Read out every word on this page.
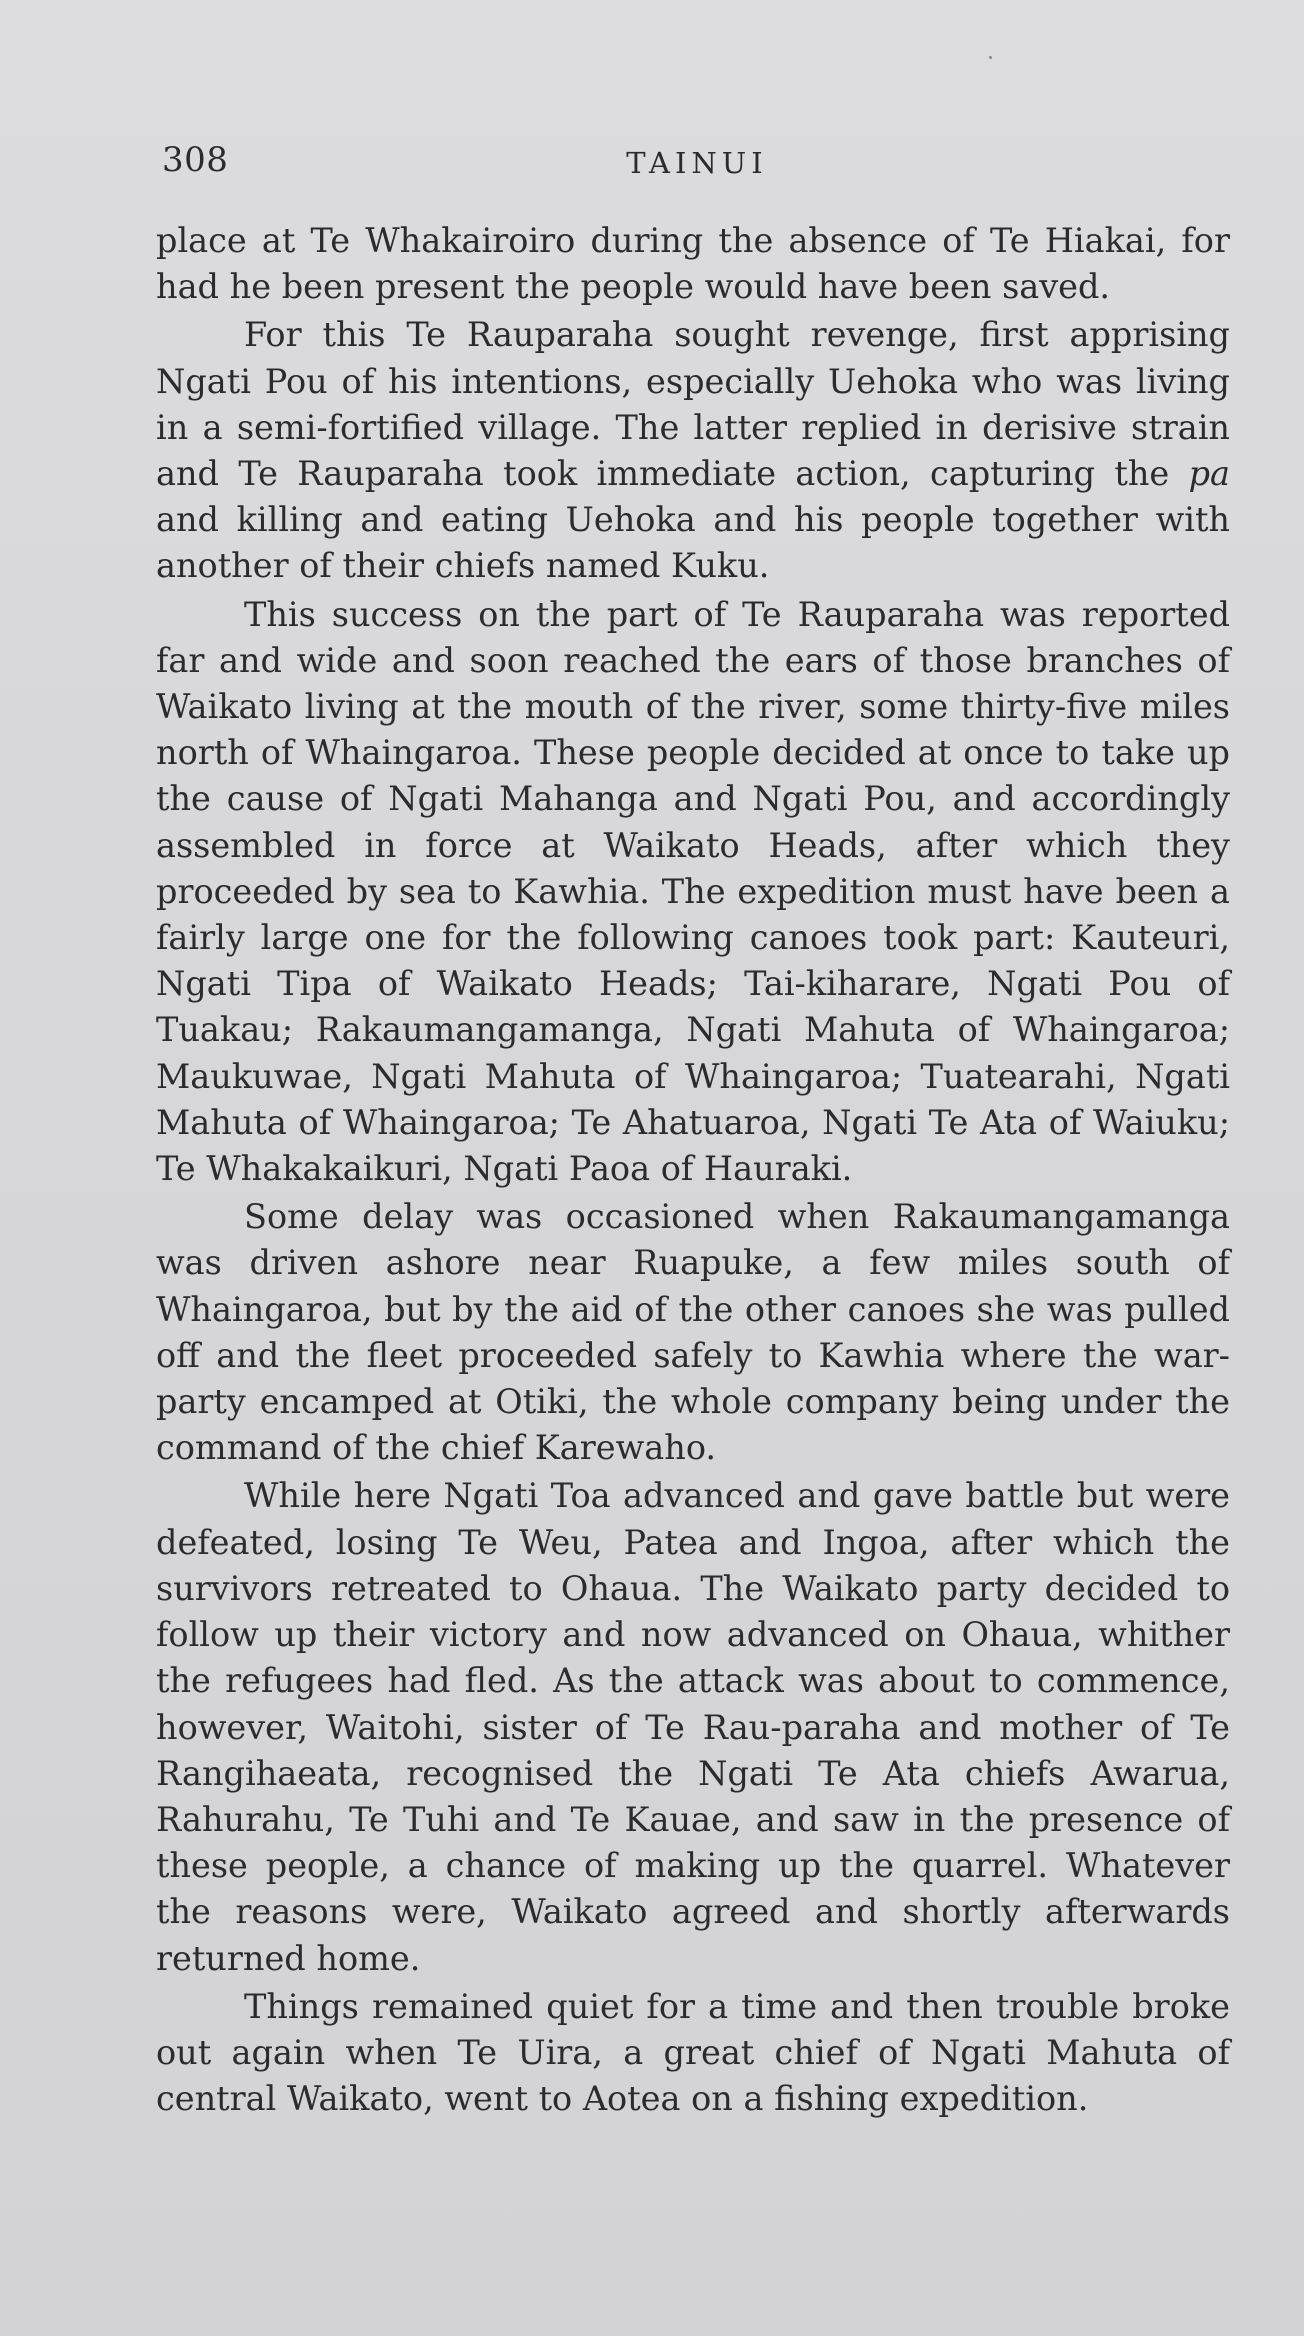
308	TAINUI

place at Te Whakairoiro during the absence of Te Hiakai, for had he been present the people would have been saved.

For this Te Rauparaha sought revenge, first apprising Ngati Pou of his intentions, especially Uehoka who was living in a semi-fortified village. The latter replied in derisive strain and Te Rauparaha took immediate action, capturing the pa and killing and eating Uehoka and his people together with another of their chiefs named Kuku.

This success on the part of Te Rauparaha was reported far and wide and soon reached the ears of those branches of Waikato living at the mouth of the river, some thirty-five miles north of Whaingaroa. These people decided at once to take up the cause of Ngati Mahanga and Ngati Pou, and accordingly assembled in force at Waikato Heads, after which they proceeded by sea to Kawhia. The expedition must have been a fairly large one for the following canoes took part: Kauteuri, Ngati Tipa of Waikato Heads; Tai-kiharare, Ngati Pou of Tuakau; Rakaumangamanga, Ngati Mahuta of Whaingaroa; Maukuwae, Ngati Mahuta of Whaingaroa; Tuatearahi, Ngati Mahuta of Whaingaroa; Te Ahatuaroa, Ngati Te Ata of Waiuku; Te Whakakaikuri, Ngati Paoa of Hauraki.

Some delay was occasioned when Rakaumangamanga was driven ashore near Ruapuke, a few miles south of Whaingaroa, but by the aid of the other canoes she was pulled off and the fleet proceeded safely to Kawhia where the war-party encamped at Otiki, the whole company being under the command of the chief Karewaho.

While here Ngati Toa advanced and gave battle but were defeated, losing Te Weu, Patea and Ingoa, after which the survivors retreated to Ohaua. The Waikato party decided to follow up their victory and now advanced on Ohaua, whither the refugees had fled. As the attack was about to commence, however, Waitohi, sister of Te Rau-paraha and mother of Te Rangihaeata, recognised the Ngati Te Ata chiefs Awarua, Rahurahu, Te Tuhi and Te Kauae, and saw in the presence of these people, a chance of making up the quarrel. Whatever the reasons were, Waikato agreed and shortly afterwards returned home.

Things remained quiet for a time and then trouble broke out again when Te Uira, a great chief of Ngati Mahuta of central Waikato, went to Aotea on a fishing expedition.
